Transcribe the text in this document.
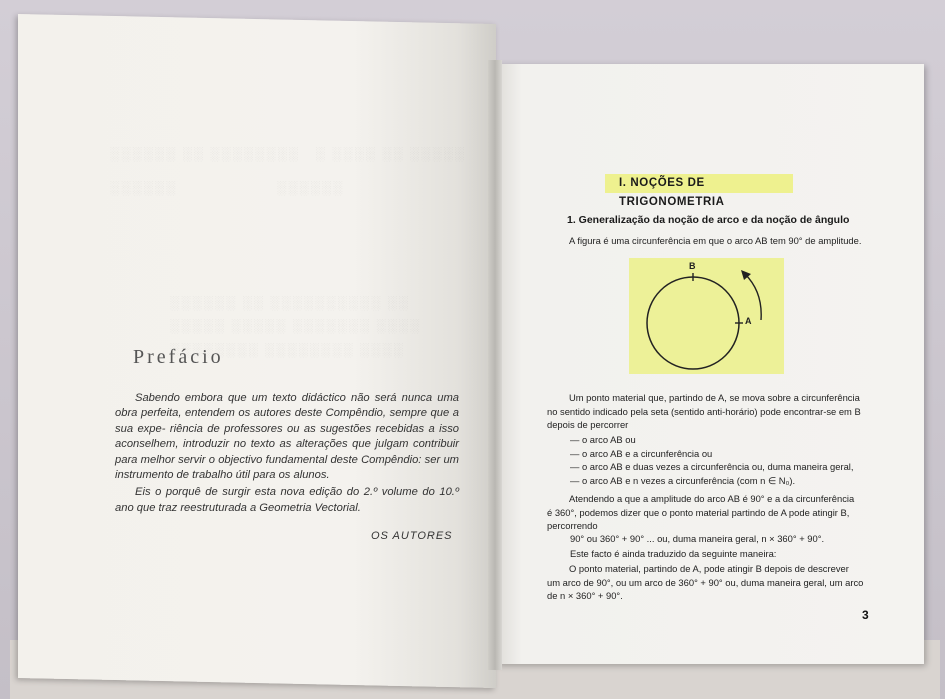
░░░░░░ ░░ ░░░░░░░░   ░ ░░░░ ░░ ░░░░░
░░░░░░                   ░░░░░░
░░░░░░ ░░ ░░░░░░░░░░ ░░
░░░░░ ░░░░░ ░░░░░░░ ░░░░
░░░░░░░░ ░░░░░░░░ ░░░░
Prefácio

Sabendo embora que um texto didáctico não será nunca uma obra perfeita, entendem os autores deste Compêndio, sempre que a sua expe- riência de professores ou as sugestões recebidas a isso aconselhem, introduzir no texto as alterações que julgam contribuir para melhor servir o objectivo fundamental deste Compêndio: ser um instrumento de trabalho útil para os alunos.

Eis o porquê de surgir esta nova edição do 2.º volume do 10.º ano que traz reestruturada a Geometria Vectorial.

OS AUTORES
I. NOÇÕES DE TRIGONOMETRIA
1. Generalização da noção de arco e da noção de ângulo
A figura é uma circunferência em que o arco AB tem 90° de amplitude.
B
A
Um ponto material que, partindo de A, se mova sobre a circunferência
no sentido indicado pela seta (sentido anti-horário) pode encontrar-se em B
depois de percorrer
— o arco AB ou
— o arco AB e a circunferência ou
— o arco AB e duas vezes a circunferência ou, duma maneira geral,
— o arco AB e n vezes a circunferência (com n ∈ N₀).
Atendendo a que a amplitude do arco AB é 90° e a da circunferência
é 360°, podemos dizer que o ponto material partindo de A pode atingir B,
percorrendo
90° ou 360° + 90° ... ou, duma maneira geral, n × 360° + 90°.
Este facto é ainda traduzido da seguinte maneira:
O ponto material, partindo de A, pode atingir B depois de descrever
um arco de 90°, ou um arco de 360° + 90° ou, duma maneira geral, um arco
de n × 360° + 90°.
3
